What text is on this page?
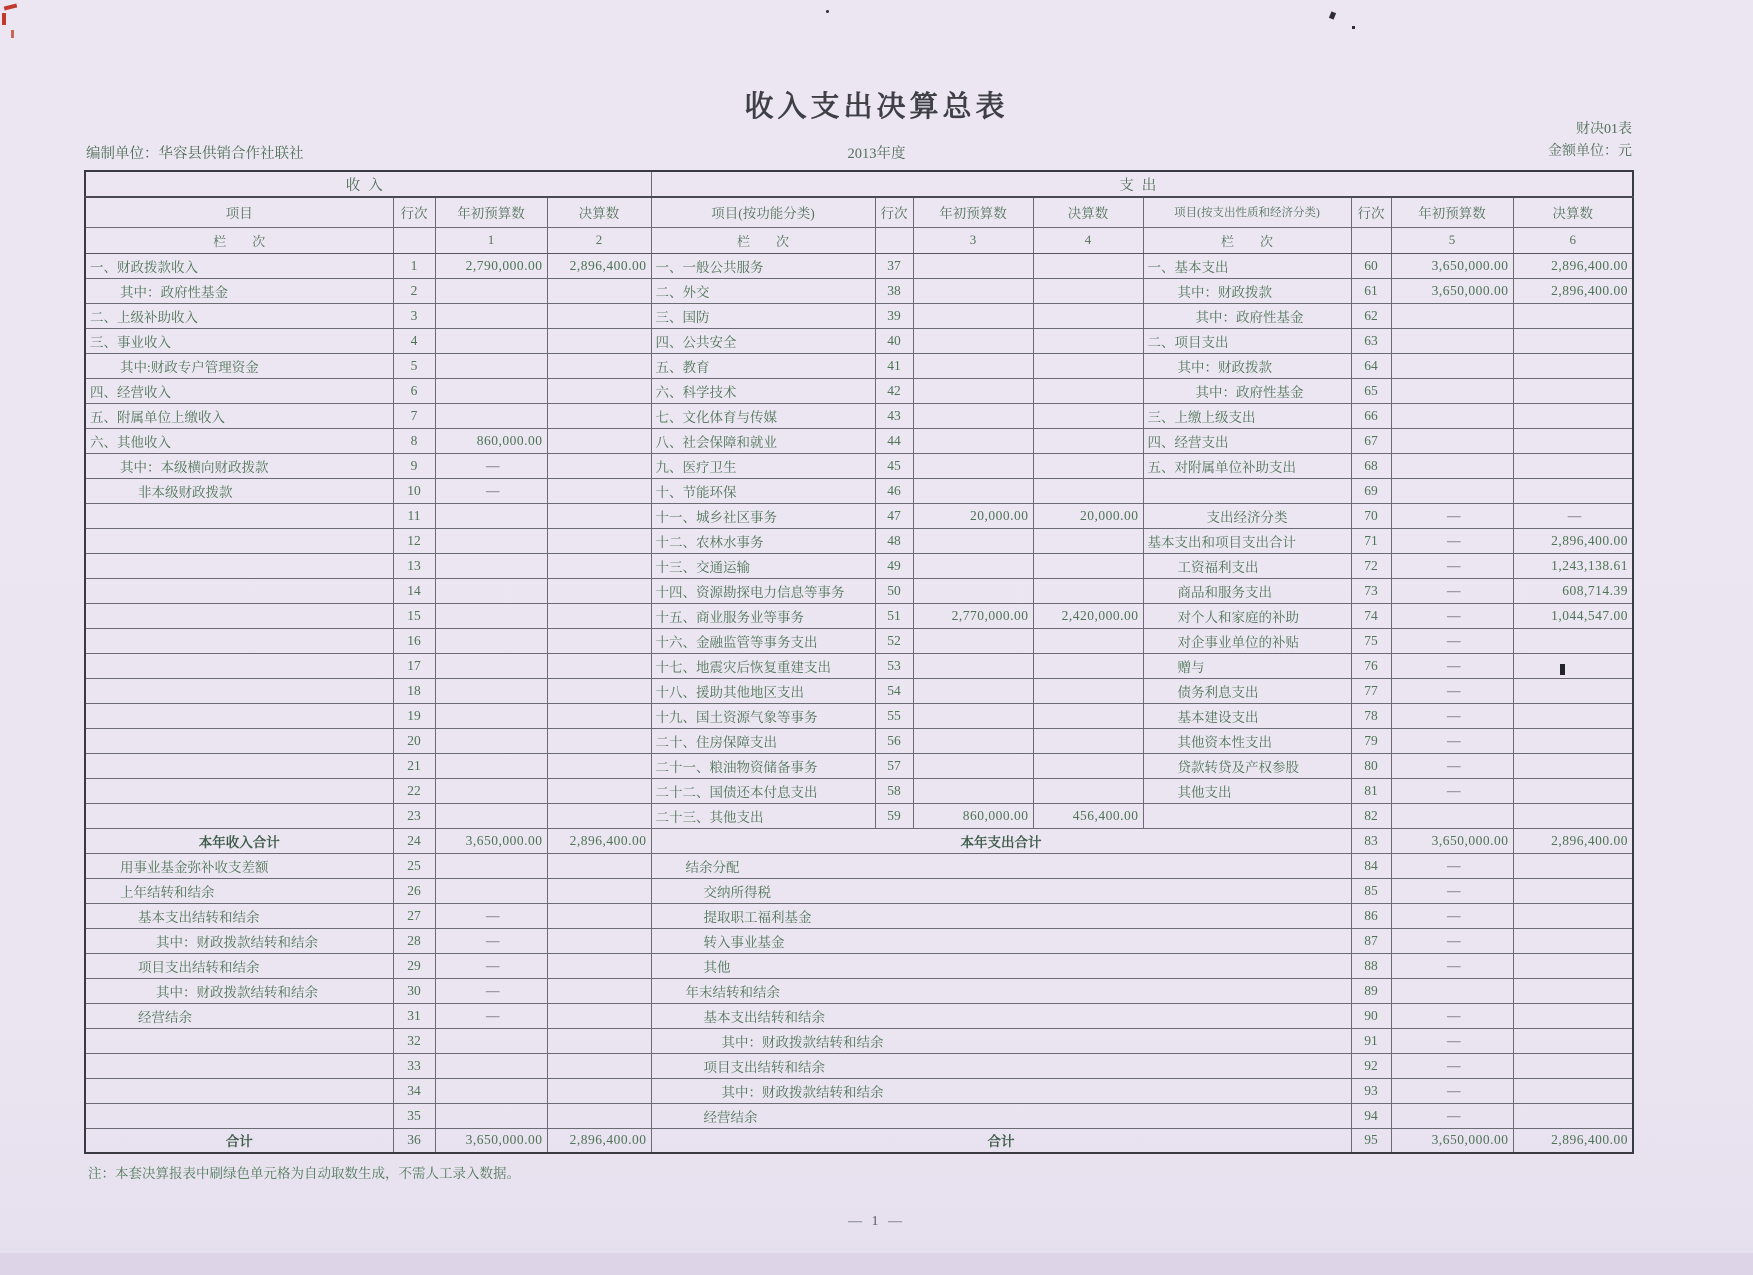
收入支出决算总表
财决01表
金额单位：元
编制单位：华容县供销合作社联社	2013年度
收入				支出							
项目	行次	年初预算数	决算数	项目(按功能分类)	行次	年初预算数	决算数	项目(按支出性质和经济分类)	行次	年初预算数	决算数
栏　　次		1	2	栏　　次		3	4	栏　　次		5	6
一、财政拨款收入	1	2,790,000.00	2,896,400.00	一、一般公共服务	37			一、基本支出	60	3,650,000.00	2,896,400.00
其中：政府性基金	2			二、外交	38			其中：财政拨款	61	3,650,000.00	2,896,400.00
二、上级补助收入	3			三、国防	39			其中：政府性基金	62		
三、事业收入	4			四、公共安全	40			二、项目支出	63		
其中:财政专户管理资金	5			五、教育	41			其中：财政拨款	64		
四、经营收入	6			六、科学技术	42			其中：政府性基金	65		
五、附属单位上缴收入	7			七、文化体育与传媒	43			三、上缴上级支出	66		
六、其他收入	8	860,000.00		八、社会保障和就业	44			四、经营支出	67		
其中：本级横向财政拨款	9	—		九、医疗卫生	45			五、对附属单位补助支出	68		
非本级财政拨款	10	—		十、节能环保	46				69		
	11			十一、城乡社区事务	47	20,000.00	20,000.00	支出经济分类	70	—	—
	12			十二、农林水事务	48			基本支出和项目支出合计	71	—	2,896,400.00
	13			十三、交通运输	49			工资福利支出	72	—	1,243,138.61
	14			十四、资源勘探电力信息等事务	50			商品和服务支出	73	—	608,714.39
	15			十五、商业服务业等事务	51	2,770,000.00	2,420,000.00	对个人和家庭的补助	74	—	1,044,547.00
	16			十六、金融监管等事务支出	52			对企事业单位的补贴	75	—	
	17			十七、地震灾后恢复重建支出	53			赠与	76	—	
	18			十八、援助其他地区支出	54			债务利息支出	77	—	
	19			十九、国土资源气象等事务	55			基本建设支出	78	—	
	20			二十、住房保障支出	56			其他资本性支出	79	—	
	21			二十一、粮油物资储备事务	57			贷款转贷及产权参股	80	—	
	22			二十二、国债还本付息支出	58			其他支出	81	—	
	23			二十三、其他支出	59	860,000.00	456,400.00		82		
本年收入合计	24	3,650,000.00	2,896,400.00	本年支出合计					83	3,650,000.00	2,896,400.00
用事业基金弥补收支差额	25			结余分配					84	—	
上年结转和结余	26			交纳所得税					85	—	
基本支出结转和结余	27	—		提取职工福利基金					86	—	
其中：财政拨款结转和结余	28	—		转入事业基金					87	—	
项目支出结转和结余	29	—		其他					88	—	
其中：财政拨款结转和结余	30	—		年末结转和结余					89		
经营结余	31	—		基本支出结转和结余					90	—	
	32			其中：财政拨款结转和结余					91	—	
	33			项目支出结转和结余					92	—	
	34			其中：财政拨款结转和结余					93	—	
	35			经营结余					94	—	
合计	36	3,650,000.00	2,896,400.00	合计					95	3,650,000.00	2,896,400.00
注：本套决算报表中刷绿色单元格为自动取数生成，不需人工录入数据。
— 1 —
